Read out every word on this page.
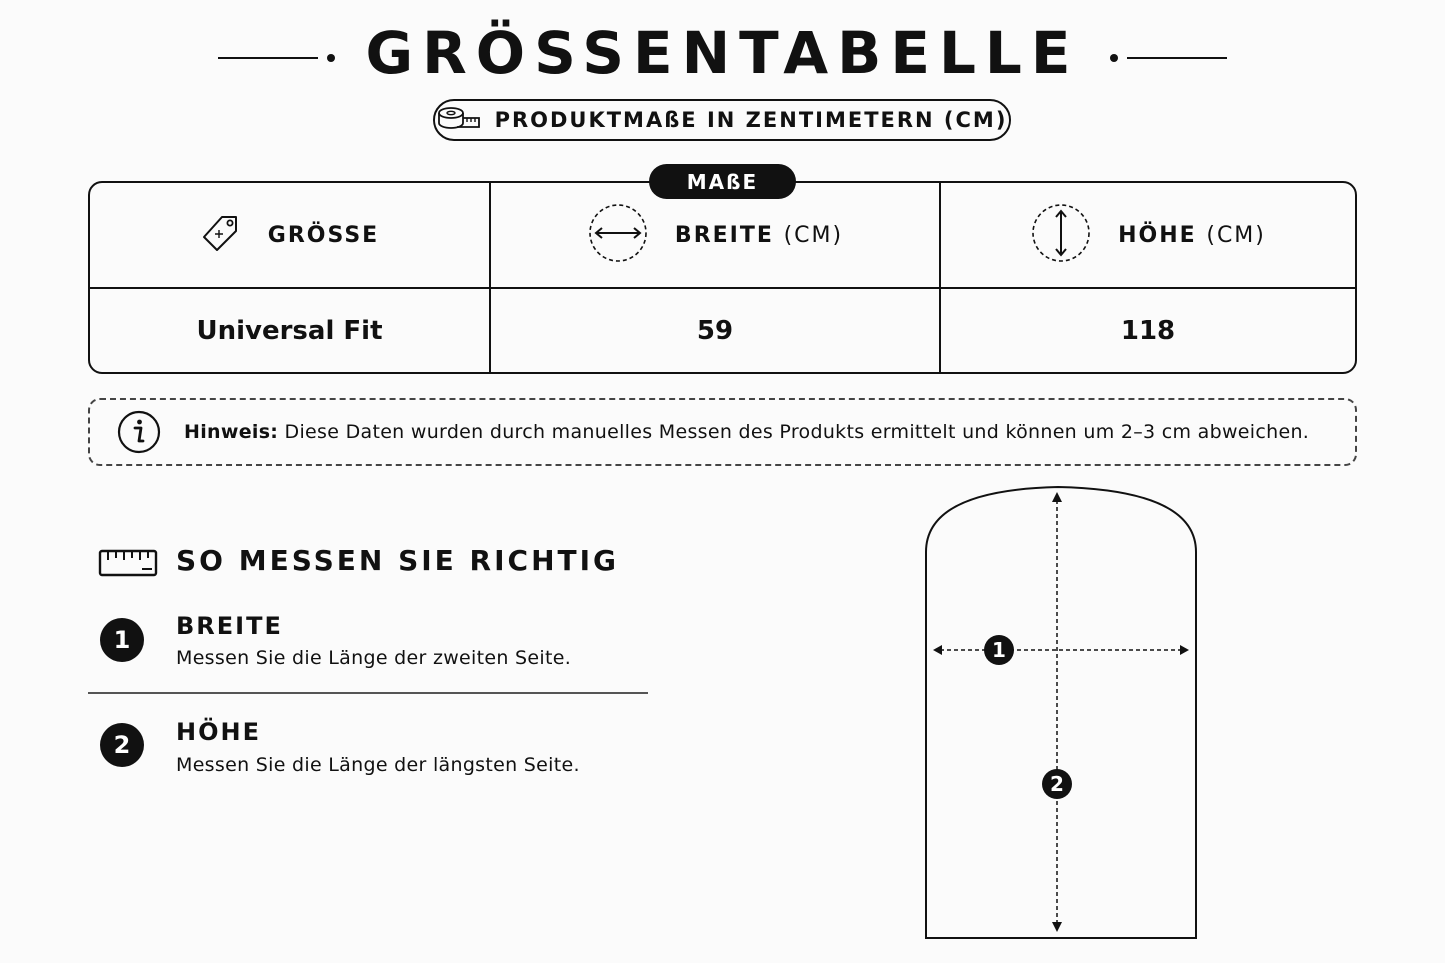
GRÖSSENTABELLE
PRODUKTMAßE IN ZENTIMETERN (CM)
GRÖSSE	BREITE (CM)	HÖHE (CM)
Universal Fit	59	118
MAßE
Hinweis: Diese Daten wurden durch manuelles Messen des Produkts ermittelt und können um 2–3 cm abweichen.
SO MESSEN SIE RICHTIG
1	BREITE
Messen Sie die Länge der zweiten Seite.
2	HÖHE
Messen Sie die Länge der längsten Seite.
1
2
